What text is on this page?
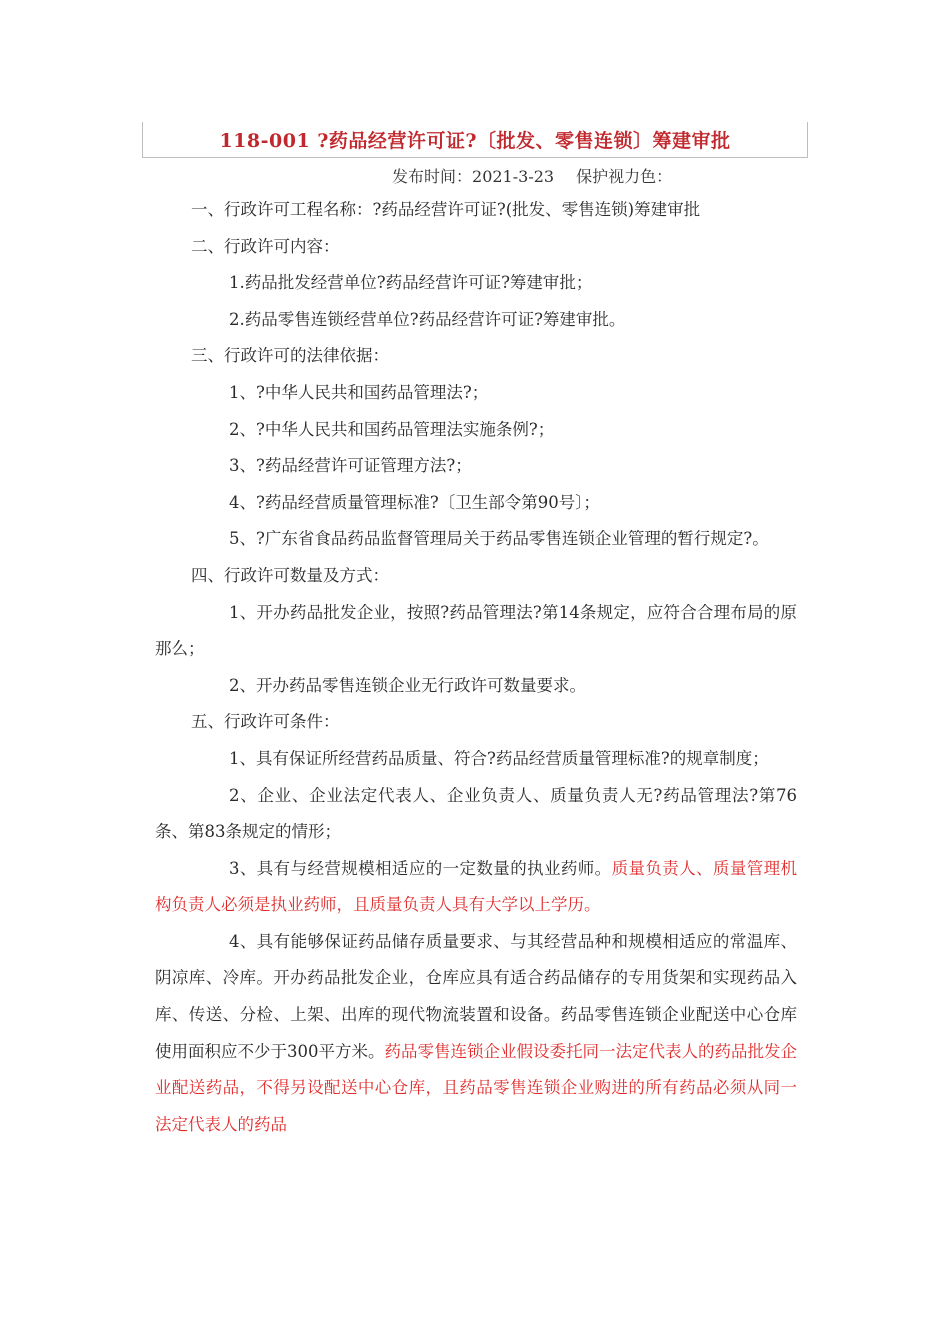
118-001 ?药品经营许可证?〔批发、零售连锁〕筹建审批
发布时间：2021-3-23 保护视力色：

一、行政许可工程名称：?药品经营许可证?(批发、零售连锁)筹建审批

二、行政许可内容：

1.药品批发经营单位?药品经营许可证?筹建审批；

2.药品零售连锁经营单位?药品经营许可证?筹建审批。

三、行政许可的法律依据：

1、?中华人民共和国药品管理法?；

2、?中华人民共和国药品管理法实施条例?；

3、?药品经营许可证管理方法?；

4、?药品经营质量管理标准?〔卫生部令第90号〕；

5、?广东省食品药品监督管理局关于药品零售连锁企业管理的暂行规定?。

四、行政许可数量及方式：

1、开办药品批发企业，按照?药品管理法?第14条规定，应符合合理布局的原那么；

2、开办药品零售连锁企业无行政许可数量要求。

五、行政许可条件：

1、具有保证所经营药品质量、符合?药品经营质量管理标准?的规章制度；

2、企业、企业法定代表人、企业负责人、质量负责人无?药品管理法?第76条、第83条规定的情形；

3、具有与经营规模相适应的一定数量的执业药师。质量负责人、质量管理机构负责人必须是执业药师，且质量负责人具有大学以上学历。

4、具有能够保证药品储存质量要求、与其经营品种和规模相适应的常温库、阴凉库、冷库。开办药品批发企业，仓库应具有适合药品储存的专用货架和实现药品入库、传送、分检、上架、出库的现代物流装置和设备。药品零售连锁企业配送中心仓库使用面积应不少于300平方米。药品零售连锁企业假设委托同一法定代表人的药品批发企业配送药品，不得另设配送中心仓库，且药品零售连锁企业购进的所有药品必须从同一法定代表人的药品
